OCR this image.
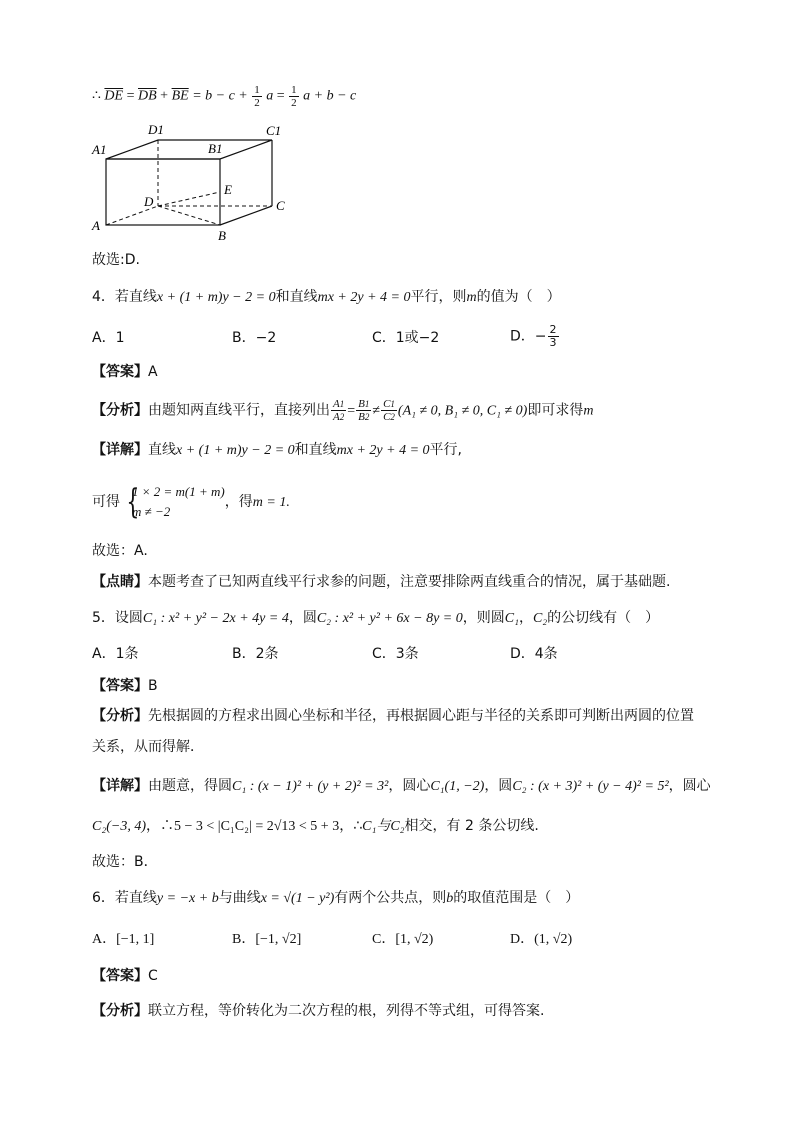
∴ $\overline{DE} = \overline{DB} + \overline{BE} = b - c + \frac{1}{2}$ $a = \frac{1}{2}$ a + b − c
A
B
C
D
E
A1	B1
C1
D1
故选:D.
4．若直线x + (1 + m)y − 2 = 0和直线mx + 2y + 4 = 0平行，则m的值为（　）
A．1	B．−2	C．1或−2	D．− $\frac{2}{3}$
【答案】A
【分析】由题知两直线平行，直接列出 $\frac{A1}{A2} = \frac{B1}{B2} \ne \frac{C1}{C2} (A_1 \ne 0$, B₁ ≠ 0, C₁ ≠ 0)即可求得m
【详解】直线x + (1 + m)y − 2 = 0和直线mx + 2y + 4 = 0平行,
可得 {
1 × 2 = m(1 + m)
m ≠ −2
，得m = 1.
故选：A.
【点睛】本题考查了已知两直线平行求参的问题，注意要排除两直线重合的情况，属于基础题.
5．设圆C₁ : x² + y² − 2x + 4y = 4，圆C₂ : x² + y² + 6x − 8y = 0，则圆C₁，C₂的公切线有（　）
A．1条	B．2条	C．3条	D．4条
【答案】B
【分析】先根据圆的方程求出圆心坐标和半径，再根据圆心距与半径的关系即可判断出两圆的位置
关系，从而得解．
【详解】由题意，得圆C₁ : (x − 1)² + (y + 2)² = 3²，圆心C₁(1, −2)，圆C₂ : (x + 3)² + (y − 4)² = 5²，圆心
C₂(−3, 4)，∴5 − 3 < |C₁C₂| = 2√13 < 5 + 3，∴C₁与C₂相交，有 2 条公切线.
故选：B．
6．若直线y = −x + b与曲线x = √(1 − y²)有两个公共点，则b的取值范围是（　）
A．[−1, 1]	B．[−1, √2]	C．[1, √2)	D．(1, √2)
【答案】C
【分析】联立方程，等价转化为二次方程的根，列得不等式组，可得答案.
